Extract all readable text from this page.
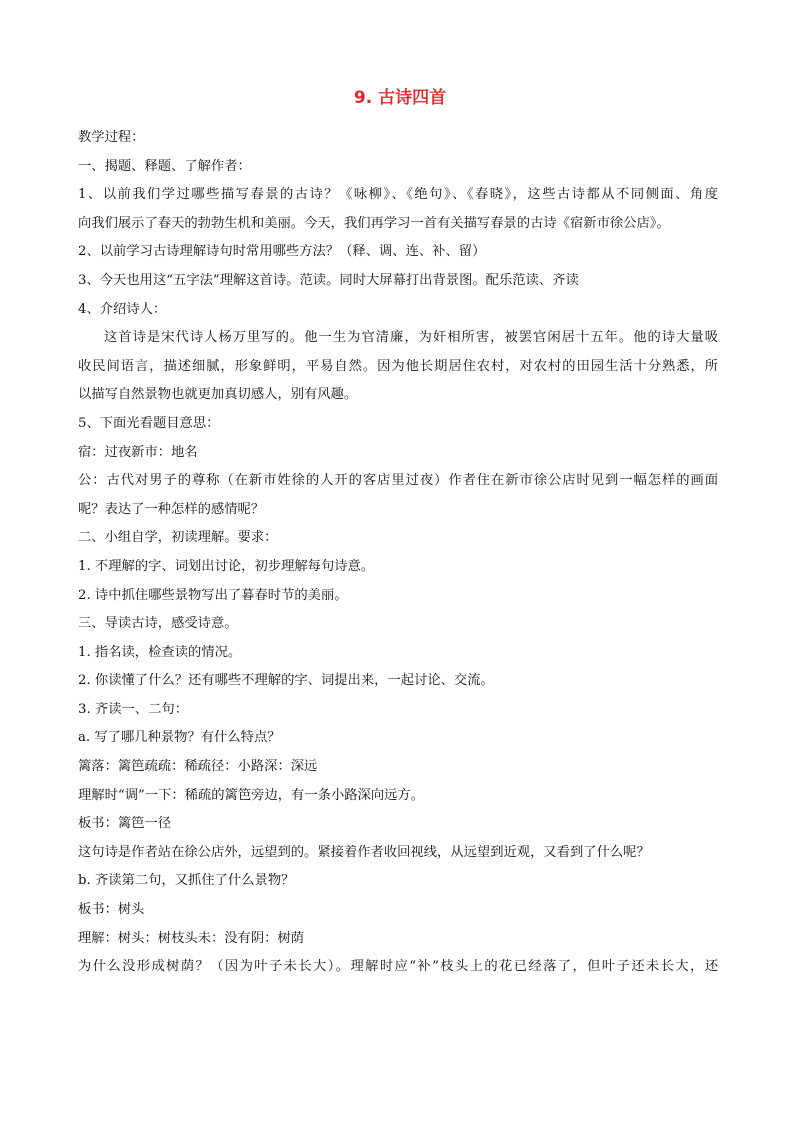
9. 古诗四首

教学过程：

一、揭题、释题、了解作者：

1、以前我们学过哪些描写春景的古诗？《咏柳》、《绝句》、《春晓》，这些古诗都从不同侧面、角度

向我们展示了春天的勃勃生机和美丽。今天，我们再学习一首有关描写春景的古诗《宿新市徐公店》。

2、以前学习古诗理解诗句时常用哪些方法？（释、调、连、补、留）

3、今天也用这“五字法”理解这首诗。范读。同时大屏幕打出背景图。配乐范读、齐读

4、介绍诗人：

这首诗是宋代诗人杨万里写的。他一生为官清廉，为奸相所害，被罢官闲居十五年。他的诗大量吸

收民间语言，描述细腻，形象鲜明，平易自然。因为他长期居住农村，对农村的田园生活十分熟悉，所

以描写自然景物也就更加真切感人，别有风趣。

5、下面光看题目意思：

宿：过夜新市：地名

公：古代对男子的尊称（在新市姓徐的人开的客店里过夜）作者住在新市徐公店时见到一幅怎样的画面

呢？表达了一种怎样的感情呢？

二、小组自学，初读理解。要求：

1. 不理解的字、词划出讨论，初步理解每句诗意。

2. 诗中抓住哪些景物写出了暮春时节的美丽。

三、导读古诗，感受诗意。

1. 指名读，检查读的情况。

2. 你读懂了什么？还有哪些不理解的字、词提出来，一起讨论、交流。

3. 齐读一、二句：

a. 写了哪几种景物？有什么特点？

篱落：篱笆疏疏：稀疏径：小路深：深远

理解时“调”一下：稀疏的篱笆旁边，有一条小路深向远方。

板书：篱笆一径

这句诗是作者站在徐公店外，远望到的。紧接着作者收回视线，从远望到近观，又看到了什么呢？

b. 齐读第二句，又抓住了什么景物？

板书：树头

理解：树头：树枝头未：没有阴：树荫

为什么没形成树荫？（因为叶子未长大）。理解时应“补”枝头上的花已经落了，但叶子还未长大，还
